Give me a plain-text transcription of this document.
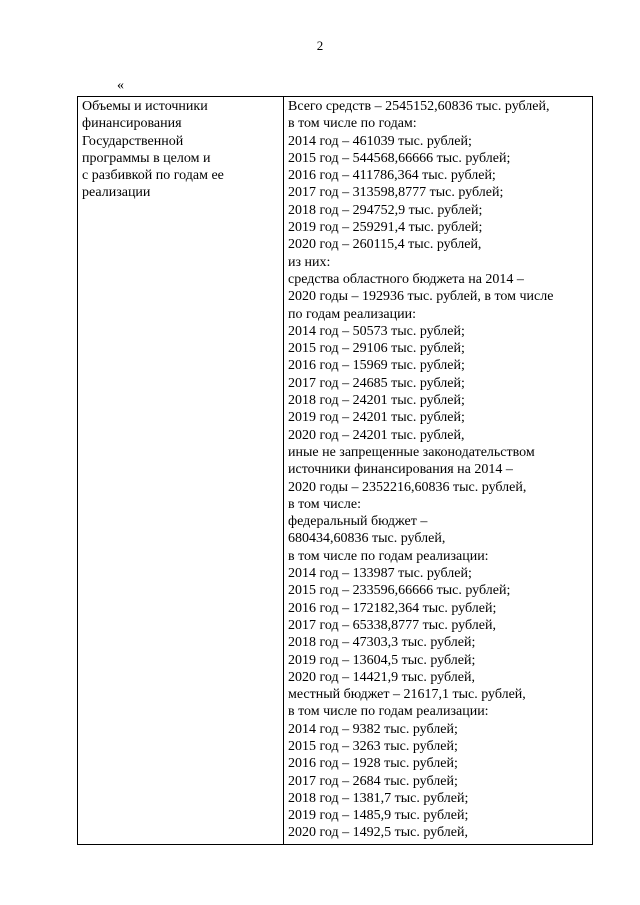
2
«
Объемы и источники
финансирования
Государственной
программы в целом и
с разбивкой по годам ее
реализации

Всего средств – 2545152,60836 тыс. рублей,
в том числе по годам:
2014 год – 461039 тыс. рублей;
2015 год – 544568,66666 тыс. рублей;
2016 год – 411786,364 тыс. рублей;
2017 год – 313598,8777 тыс. рублей;
2018 год – 294752,9 тыс. рублей;
2019 год – 259291,4 тыс. рублей;
2020 год – 260115,4 тыс. рублей,
из них:
средства областного бюджета на 2014 –
2020 годы – 192936 тыс. рублей, в том числе
по годам реализации:
2014 год – 50573 тыс. рублей;
2015 год – 29106 тыс. рублей;
2016 год – 15969 тыс. рублей;
2017 год – 24685 тыс. рублей;
2018 год – 24201 тыс. рублей;
2019 год – 24201 тыс. рублей;
2020 год – 24201 тыс. рублей,
иные не запрещенные законодательством
источники финансирования на 2014 –
2020 годы – 2352216,60836 тыс. рублей,
в том числе:
федеральный бюджет –
680434,60836 тыс. рублей,
в том числе по годам реализации:
2014 год – 133987 тыс. рублей;
2015 год – 233596,66666 тыс. рублей;
2016 год – 172182,364 тыс. рублей;
2017 год – 65338,8777 тыс. рублей,
2018 год – 47303,3 тыс. рублей;
2019 год – 13604,5 тыс. рублей;
2020 год – 14421,9 тыс. рублей,
местный бюджет – 21617,1 тыс. рублей,
в том числе по годам реализации:
2014 год – 9382 тыс. рублей;
2015 год – 3263 тыс. рублей;
2016 год – 1928 тыс. рублей;
2017 год – 2684 тыс. рублей;
2018 год – 1381,7 тыс. рублей;
2019 год – 1485,9 тыс. рублей;
2020 год – 1492,5 тыс. рублей,
